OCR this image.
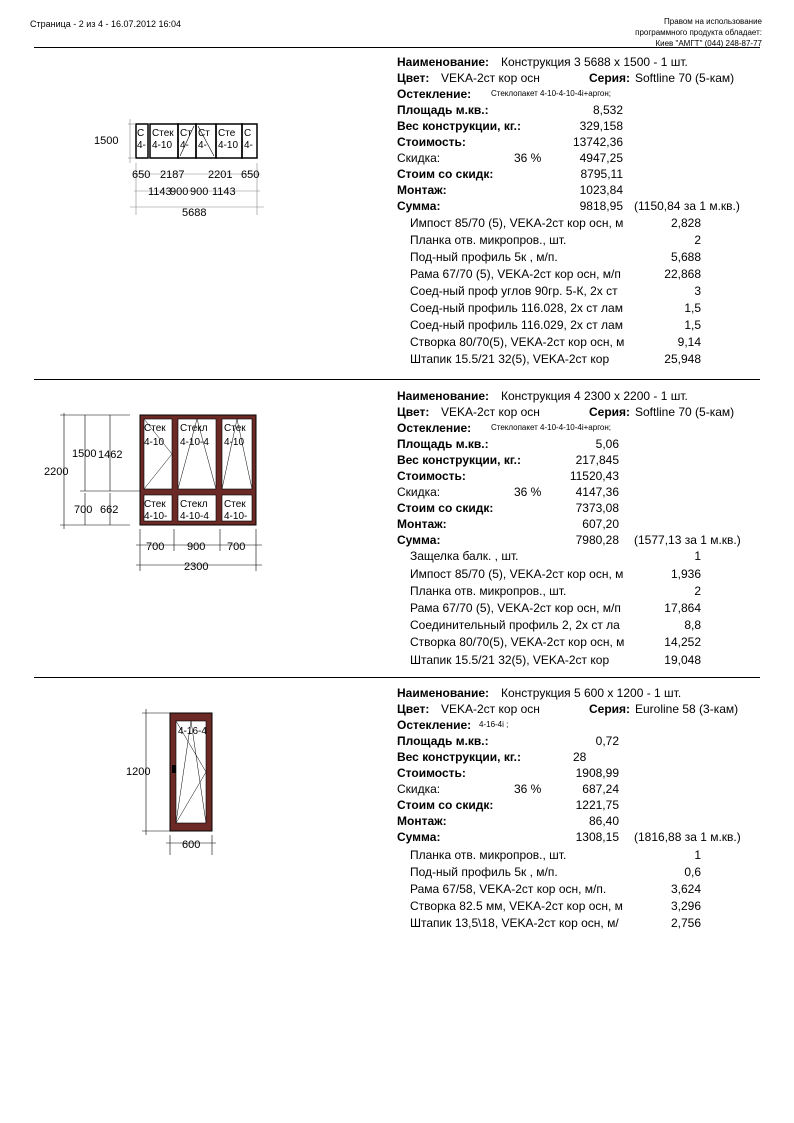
Страница - 2 из 4 - 16.07.2012 16:04	Правом на использование
программного продукта обладает:
Киев "АМГТ" (044) 248-87-77
С Стек Ст Ст Сте С
4- 4-10 4- 4- 4-10 4-
1500
650 2187 2201 650
1143
900 900 1143
5688
Наименование: Конструкция 3 5688 x 1500 - 1 шт.
Цвет: VEKA-2ст кор осн	Серия: Softline 70 (5-кам)
Остекление: Стеклопакет 4-10-4-10-4i+аргон;
Площадь м.кв.:	8,532
Вес конструкции, кг.:	329,158
Стоимость:	13742,36
Скидка:	36 %	4947,25
Стоим со скидк:	8795,11
Монтаж:	1023,84
Сумма:	9818,95 (1150,84 за 1 м.кв.)
Импост 85/70 (5), VEKA-2ст кор осн, м	2,828
Планка отв. микропров., шт.	2
Под-ный профиль 5к , м/п.	5,688
Рама 67/70 (5), VEKA-2ст кор осн, м/п	22,868
Соед-ный проф углов 90гр. 5-К, 2х ст	3
Соед-ный профиль 116.028, 2х ст лам	1,5
Соед-ный профиль 116.029, 2х ст лам	1,5
Створка 80/70(5), VEKA-2ст кор осн, м	9,14
Штапик 15.5/21 32(5), VEKA-2ст кор	25,948
Стек Стекл Стек
4-10 4-10-4 4-10
Стек Стекл Стек
4-10- 4-10-4 4-10-
2200
1500 1462
700 662
700 900 700
2300
Наименование: Конструкция 4 2300 x 2200 - 1 шт.
Цвет: VEKA-2ст кор осн	Серия: Softline 70 (5-кам)
Остекление: Стеклопакет 4-10-4-10-4i+аргон;
Площадь м.кв.:	5,06
Вес конструкции, кг.:	217,845
Стоимость:	11520,43
Скидка:	36 %	4147,36
Стоим со скидк:	7373,08
Монтаж:	607,20
Сумма:	7980,28 (1577,13 за 1 м.кв.)
Защелка балк. , шт.	1
Импост 85/70 (5), VEKA-2ст кор осн, м	1,936
Планка отв. микропров., шт.	2
Рама 67/70 (5), VEKA-2ст кор осн, м/п	17,864
Соединительный профиль 2, 2х ст ла	8,8
Створка 80/70(5), VEKA-2ст кор осн, м	14,252
Штапик 15.5/21 32(5), VEKA-2ст кор	19,048
4-16-4
1200
600
Наименование: Конструкция 5 600 x 1200 - 1 шт.
Цвет: VEKA-2ст кор осн	Серия: Euroline 58 (3-кам)
Остекление: 4-16-4i ;
Площадь м.кв.:	0,72
Вес конструкции, кг.:	28
Стоимость:	1908,99
Скидка:	36 %	687,24
Стоим со скидк:	1221,75
Монтаж:	86,40
Сумма:	1308,15 (1816,88 за 1 м.кв.)
Планка отв. микропров., шт.	1
Под-ный профиль 5к , м/п.	0,6
Рама 67/58, VEKA-2ст кор осн, м/п.	3,624
Створка 82.5 мм, VEKA-2ст кор осн, м	3,296
Штапик 13,5\18, VEKA-2ст кор осн, м/	2,756
